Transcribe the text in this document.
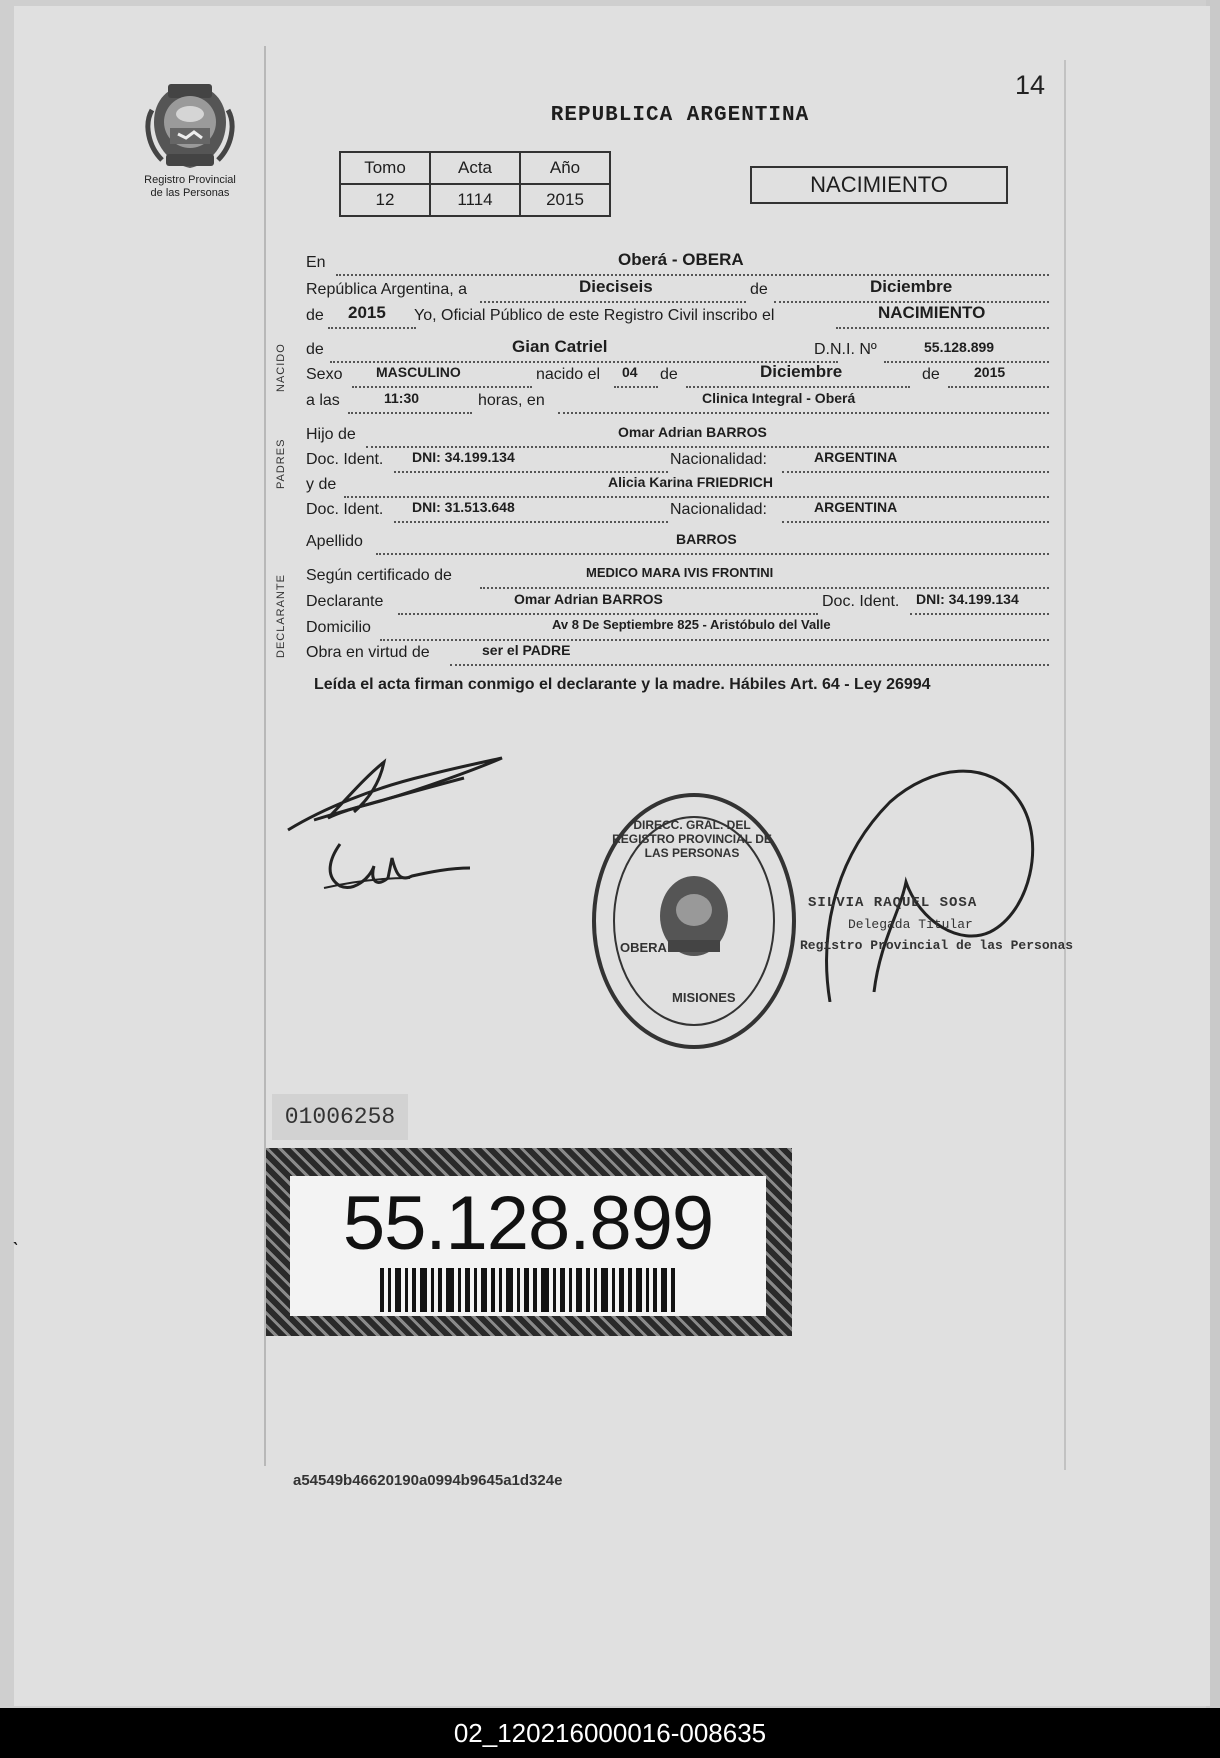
14
Registro Provincial
de las Personas
REPUBLICA ARGENTINA
Tomo	Acta	Año
12	1114	2015
NACIMIENTO
NACIDO
PADRES
DECLARANTE
En	Oberá - OBERA
República Argentina, a	Dieciseis	de	Diciembre
de 2015 Yo, Oficial Público de este Registro Civil inscribo el	NACIMIENTO
de	Gian Catriel	D.N.I. Nº	55.128.899
Sexo MASCULINO	nacido el 04 de	Diciembre	de 2015
a las	11:30	horas, en	Clinica Integral - Oberá
Hijo de	Omar Adrian BARROS
Doc. Ident. DNI: 34.199.134	Nacionalidad:	ARGENTINA
y de	Alicia Karina FRIEDRICH
Doc. Ident. DNI: 31.513.648	Nacionalidad:	ARGENTINA
Apellido	BARROS
Según certificado de	MEDICO MARA IVIS FRONTINI
Declarante	Omar Adrian BARROS	Doc. Ident. DNI: 34.199.134
Domicilio	Av 8 De Septiembre 825 - Aristóbulo del Valle
Obra en virtud de	ser el PADRE
Leída el acta firman conmigo el declarante y la madre. Hábiles Art. 64 - Ley 26994
DIRECC. GRAL. DEL REGISTRO PROVINCIAL DE LAS PERSONAS
OBERA
MISIONES
SILVIA RAQUEL SOSA
Delegada Titular
Registro Provincial de las Personas
01006258
55.128.899
a54549b46620190a0994b9645a1d324e
ˋ
02_120216000016-008635
